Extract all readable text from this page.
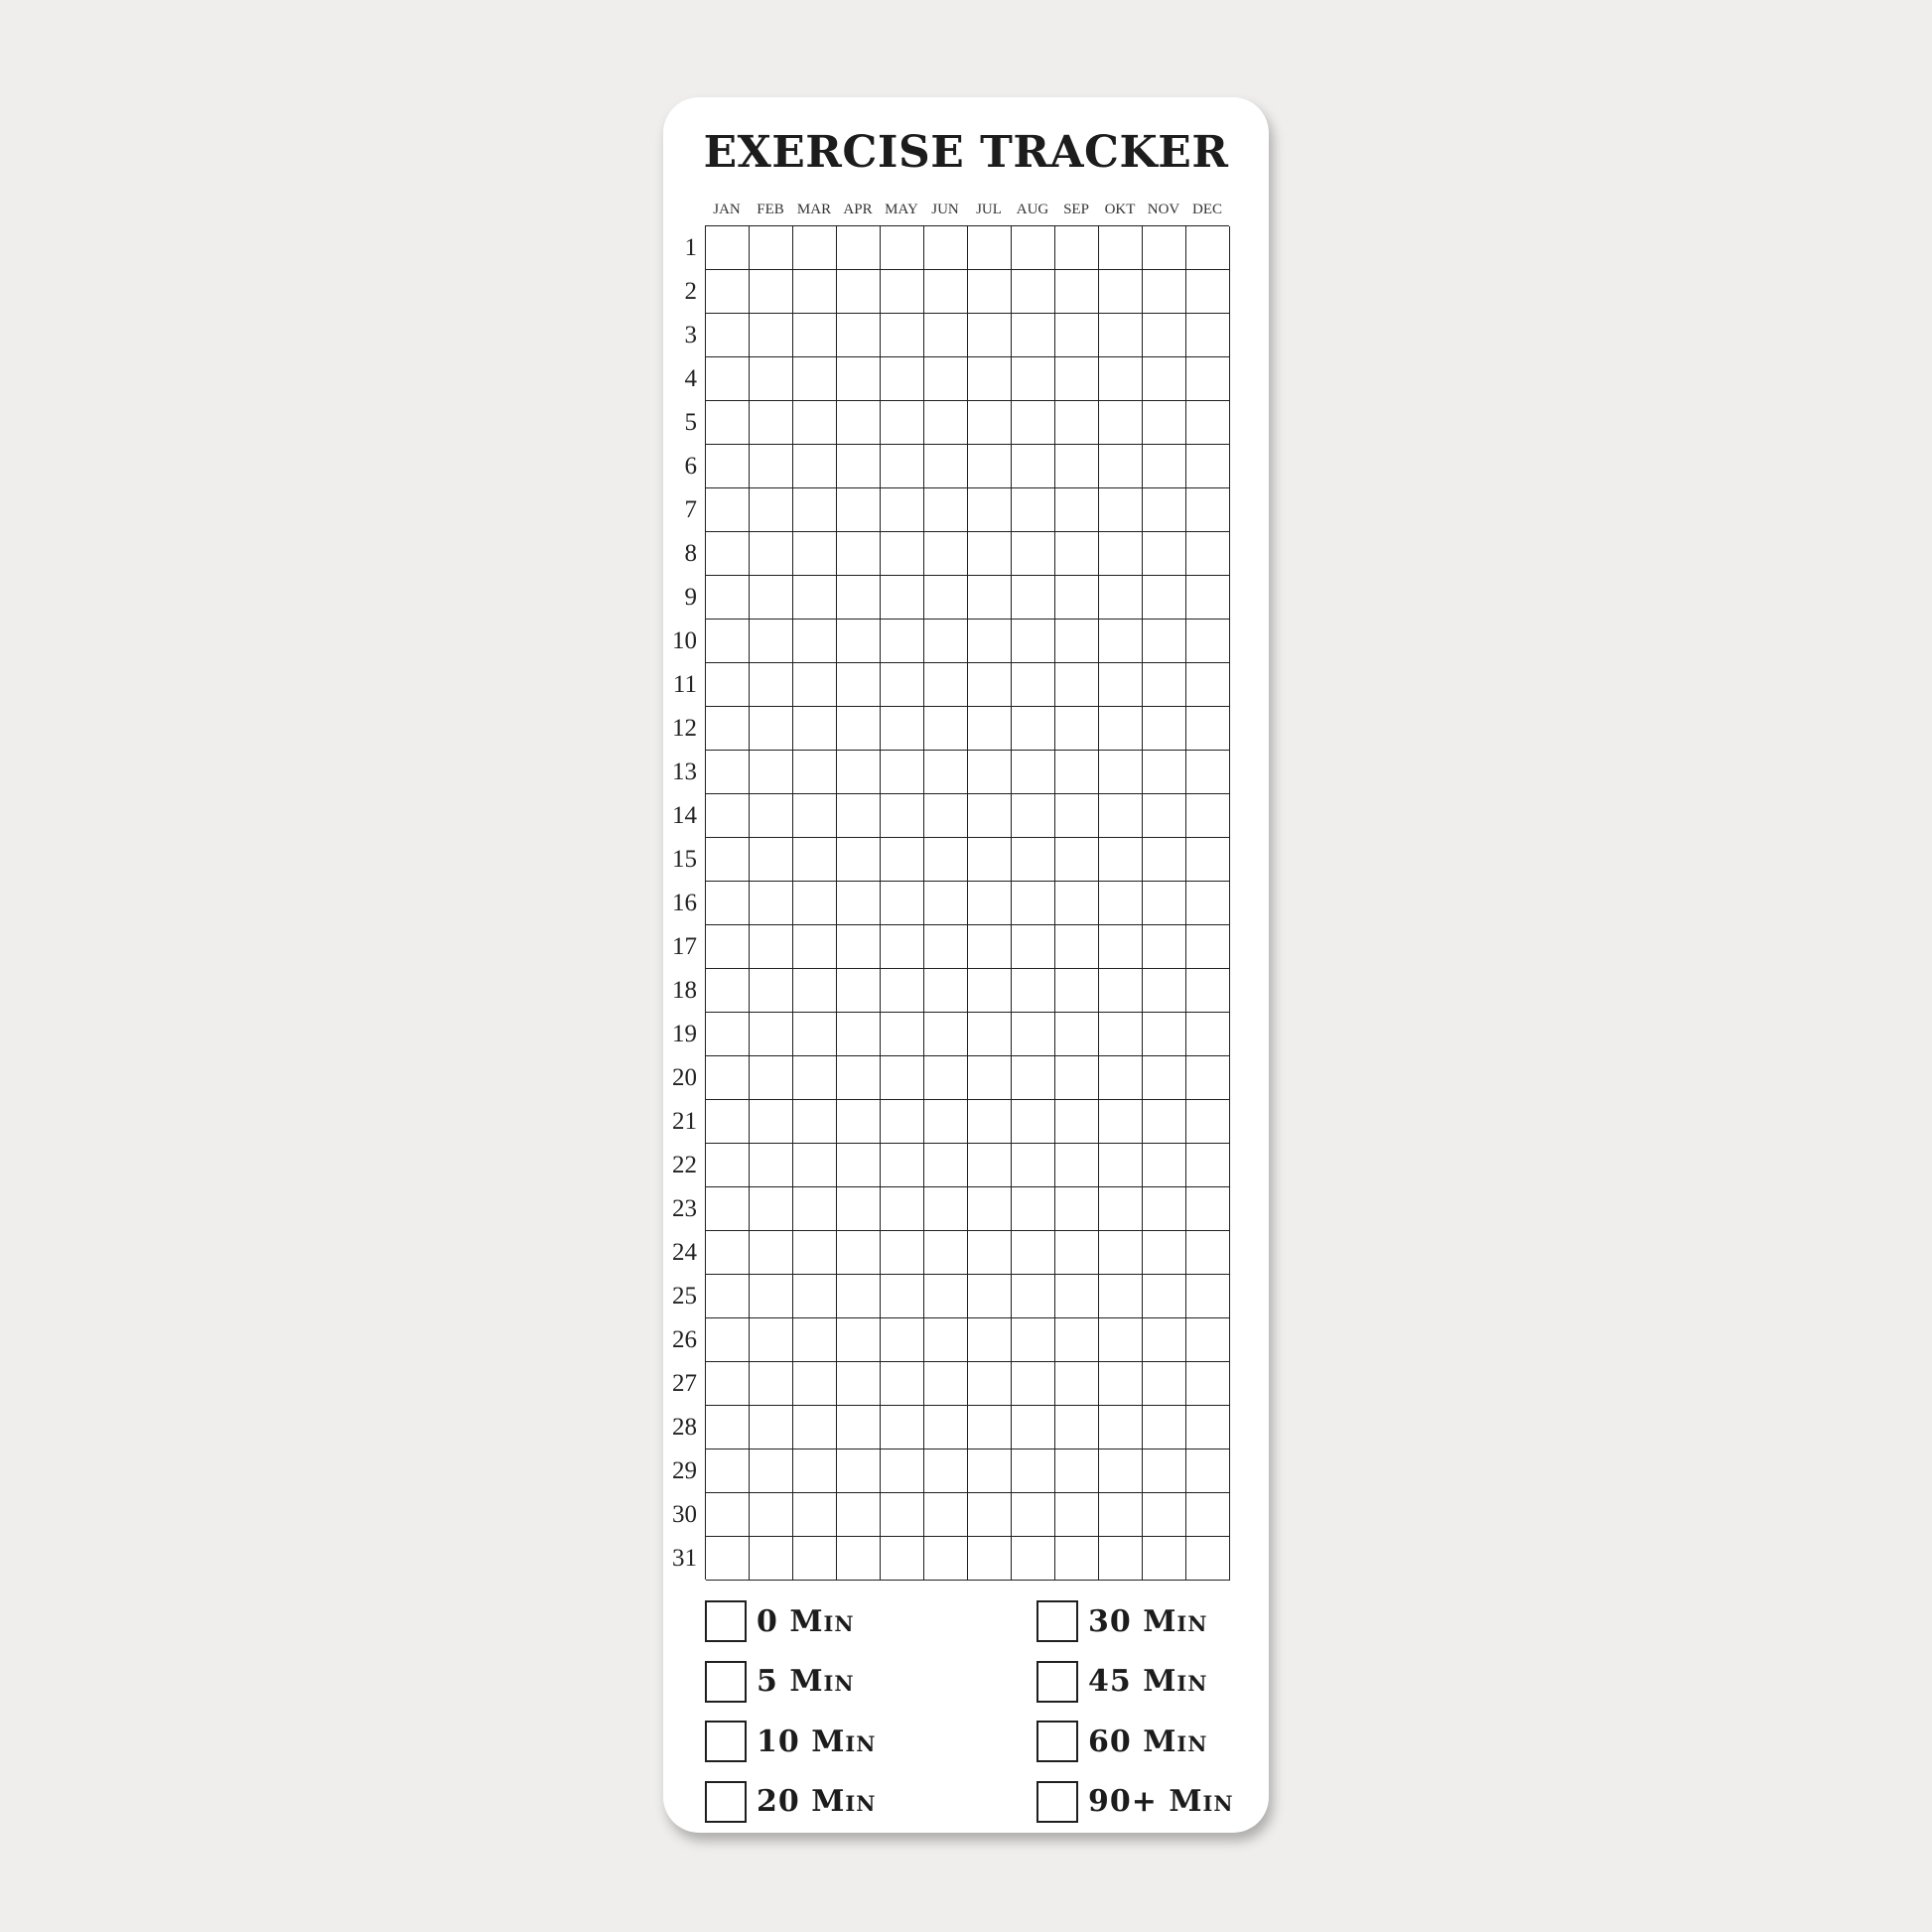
EXERCISE TRACKER
JAN	FEB MAR APR MAY JUN	JUL AUG SEP	OKT NOV DEC
1
2
3
4
5
6
7
8
9
10
11
12
13
14
15
16
17
18
19
20
21
22
23
24
25
26
27
28
29
30
31
0 Min
5 Min
10 Min
20 Min
30 Min
45 Min
60 Min
90+ Min
